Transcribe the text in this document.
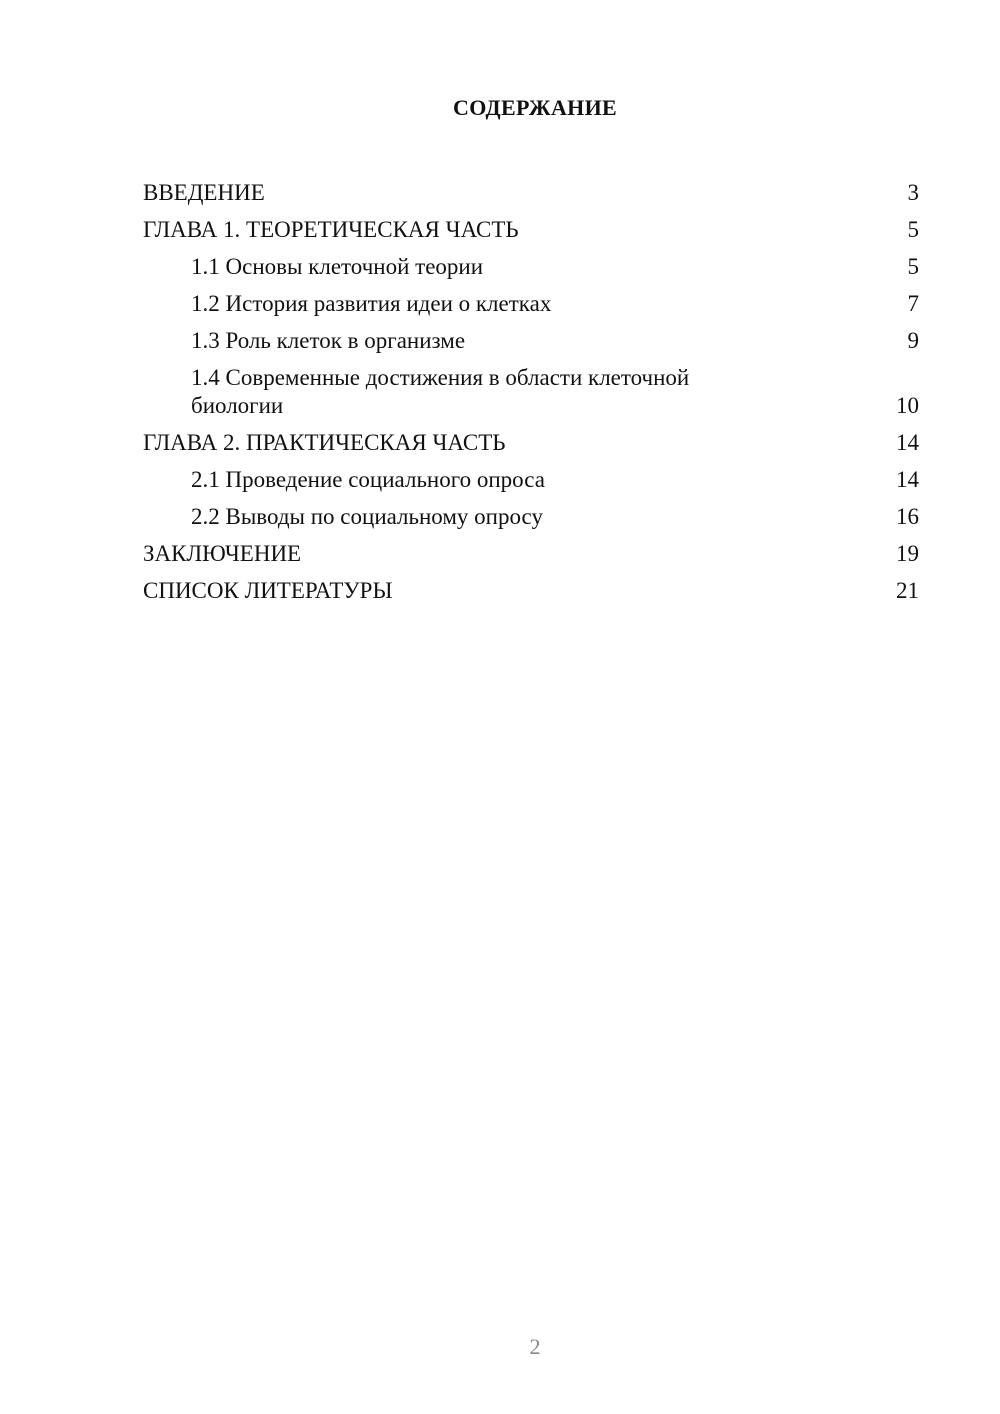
СОДЕРЖАНИЕ
ВВЕДЕНИЕ	3
ГЛАВА 1. ТЕОРЕТИЧЕСКАЯ ЧАСТЬ	5
1.1 Основы клеточной теории	5
1.2 История развития идеи о клетках	7
1.3 Роль клеток в организме	9
1.4 Современные достижения в области клеточной биологии	10
ГЛАВА 2. ПРАКТИЧЕСКАЯ ЧАСТЬ	14
2.1 Проведение социального опроса	14
2.2 Выводы по социальному опросу	16
ЗАКЛЮЧЕНИЕ	19
СПИСОК ЛИТЕРАТУРЫ	21
2
